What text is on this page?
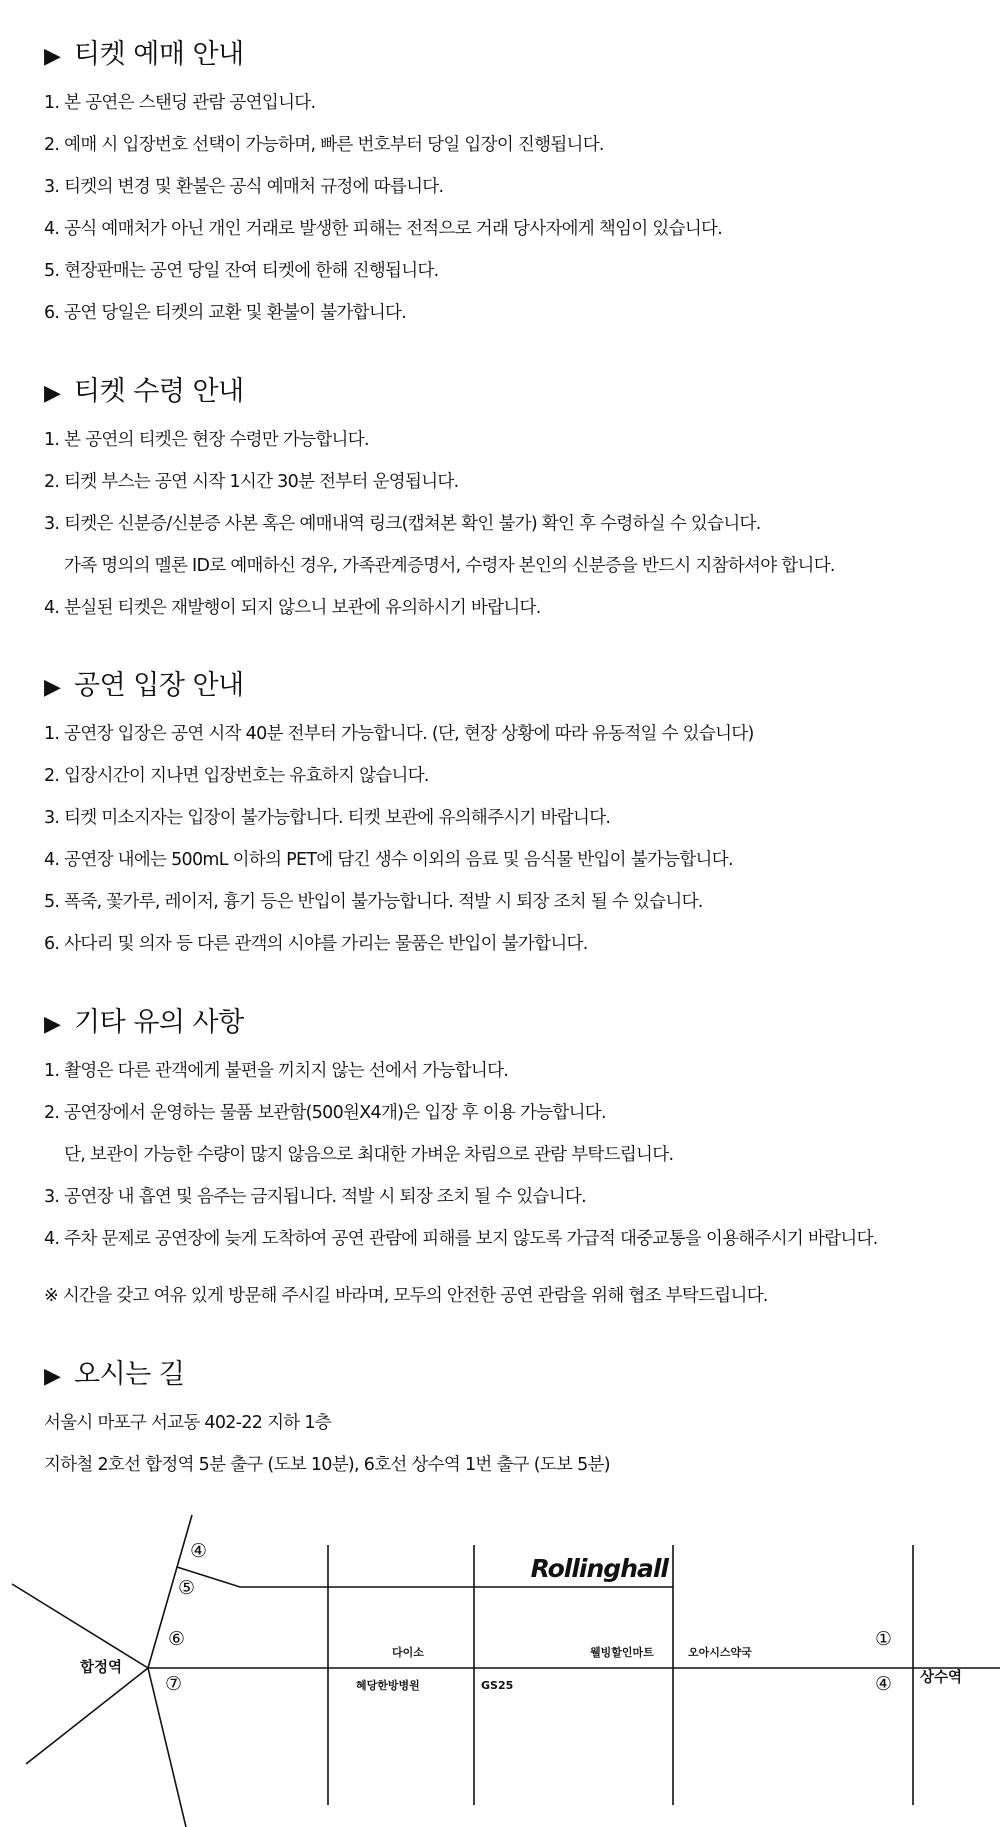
▶ 티켓 예매 안내
1. 본 공연은 스탠딩 관람 공연입니다.
2. 예매 시 입장번호 선택이 가능하며, 빠른 번호부터 당일 입장이 진행됩니다.
3. 티켓의 변경 및 환불은 공식 예매처 규정에 따릅니다.
4. 공식 예매처가 아닌 개인 거래로 발생한 피해는 전적으로 거래 당사자에게 책임이 있습니다.
5. 현장판매는 공연 당일 잔여 티켓에 한해 진행됩니다.
6. 공연 당일은 티켓의 교환 및 환불이 불가합니다.
▶ 티켓 수령 안내
1. 본 공연의 티켓은 현장 수령만 가능합니다.
2. 티켓 부스는 공연 시작 1시간 30분 전부터 운영됩니다.
3. 티켓은 신분증/신분증 사본 혹은 예매내역 링크(캡쳐본 확인 불가) 확인 후 수령하실 수 있습니다.
가족 명의의 멜론 ID로 예매하신 경우, 가족관계증명서, 수령자 본인의 신분증을 반드시 지참하셔야 합니다.
4. 분실된 티켓은 재발행이 되지 않으니 보관에 유의하시기 바랍니다.
▶ 공연 입장 안내
1. 공연장 입장은 공연 시작 40분 전부터 가능합니다. (단, 현장 상황에 따라 유동적일 수 있습니다)
2. 입장시간이 지나면 입장번호는 유효하지 않습니다.
3. 티켓 미소지자는 입장이 불가능합니다. 티켓 보관에 유의해주시기 바랍니다.
4. 공연장 내에는 500mL 이하의 PET에 담긴 생수 이외의 음료 및 음식물 반입이 불가능합니다.
5. 폭죽, 꽃가루, 레이저, 흉기 등은 반입이 불가능합니다. 적발 시 퇴장 조치 될 수 있습니다.
6. 사다리 및 의자 등 다른 관객의 시야를 가리는 물품은 반입이 불가합니다.
▶ 기타 유의 사항
1. 촬영은 다른 관객에게 불편을 끼치지 않는 선에서 가능합니다.
2. 공연장에서 운영하는 물품 보관함(500원X4개)은 입장 후 이용 가능합니다.
단, 보관이 가능한 수량이 많지 않음으로 최대한 가벼운 차림으로 관람 부탁드립니다.
3. 공연장 내 흡연 및 음주는 금지됩니다. 적발 시 퇴장 조치 될 수 있습니다.
4. 주차 문제로 공연장에 늦게 도착하여 공연 관람에 피해를 보지 않도록 가급적 대중교통을 이용해주시기 바랍니다.
※ 시간을 갖고 여유 있게 방문해 주시길 바라며, 모두의 안전한 공연 관람을 위해 협조 부탁드립니다.
▶ 오시는 길
서울시 마포구 서교동 402-22 지하 1층
지하철 2호선 합정역 5분 출구 (도보 10분), 6호선 상수역 1번 출구 (도보 5분)
Rollinghall
합정역
상수역
④
⑤
⑥
⑦
①
④
다이소	웰빙할인마트	오아시스약국
혜당한방병원	GS25
